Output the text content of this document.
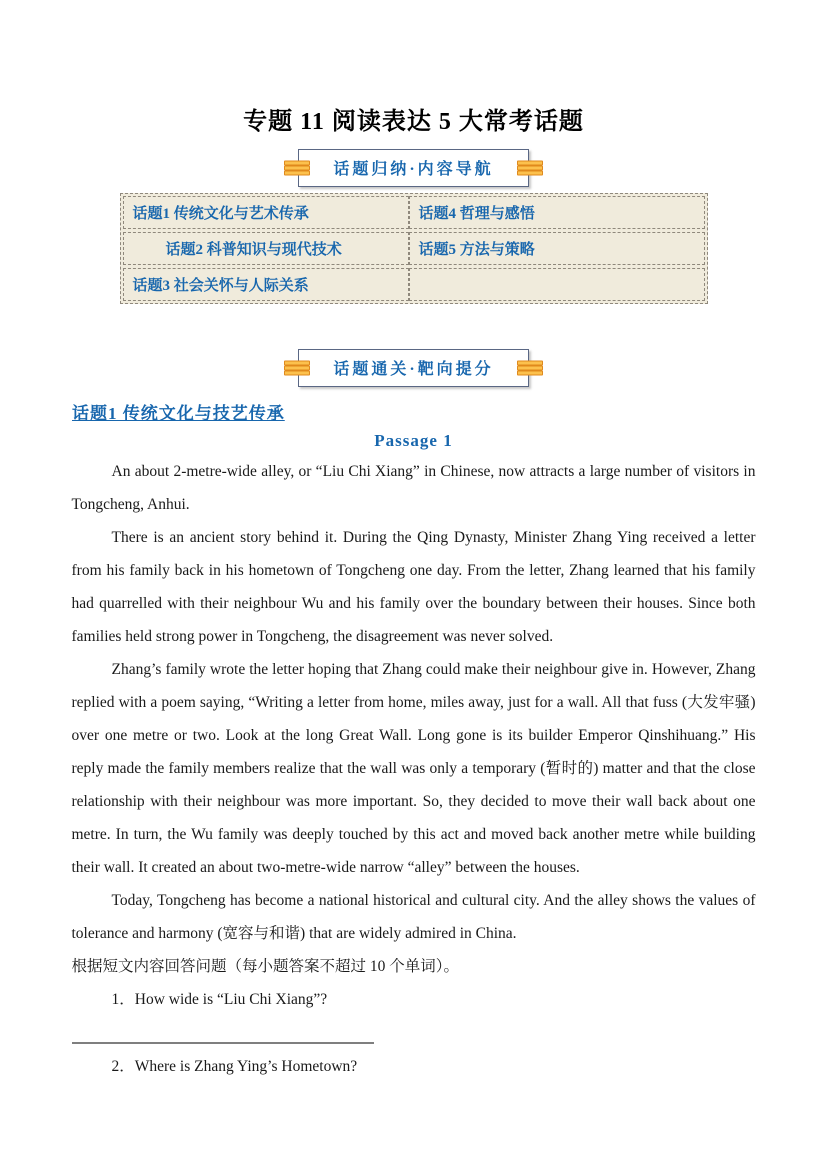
专题 11 阅读表达 5 大常考话题
话题归纳·内容导航
话题1 传统文化与艺术传承	话题4 哲理与感悟
话题2 科普知识与现代技术	话题5 方法与策略
话题3 社会关怀与人际关系
话题通关·靶向提分
话题1 传统文化与技艺传承
Passage 1

An about 2-metre-wide alley, or “Liu Chi Xiang” in Chinese, now attracts a large number of visitors in Tongcheng, Anhui.

There is an ancient story behind it. During the Qing Dynasty, Minister Zhang Ying received a letter from his family back in his hometown of Tongcheng one day. From the letter, Zhang learned that his family had quarrelled with their neighbour Wu and his family over the boundary between their houses. Since both families held strong power in Tongcheng, the disagreement was never solved.

Zhang’s family wrote the letter hoping that Zhang could make their neighbour give in. However, Zhang replied with a poem saying, “Writing a letter from home, miles away, just for a wall. All that fuss (大发牢骚) over one metre or two. Look at the long Great Wall. Long gone is its builder Emperor Qinshihuang.” His reply made the family members realize that the wall was only a temporary (暂时的) matter and that the close relationship with their neighbour was more important. So, they decided to move their wall back about one metre. In turn, the Wu family was deeply touched by this act and moved back another metre while building their wall. It created an about two-metre-wide narrow “alley” between the houses.

Today, Tongcheng has become a national historical and cultural city. And the alley shows the values of tolerance and harmony (宽容与和谐) that are widely admired in China.

根据短文内容回答问题（每小题答案不超过 10 个单词）。

1．How wide is “Liu Chi Xiang”?

2．Where is Zhang Ying’s Hometown?
